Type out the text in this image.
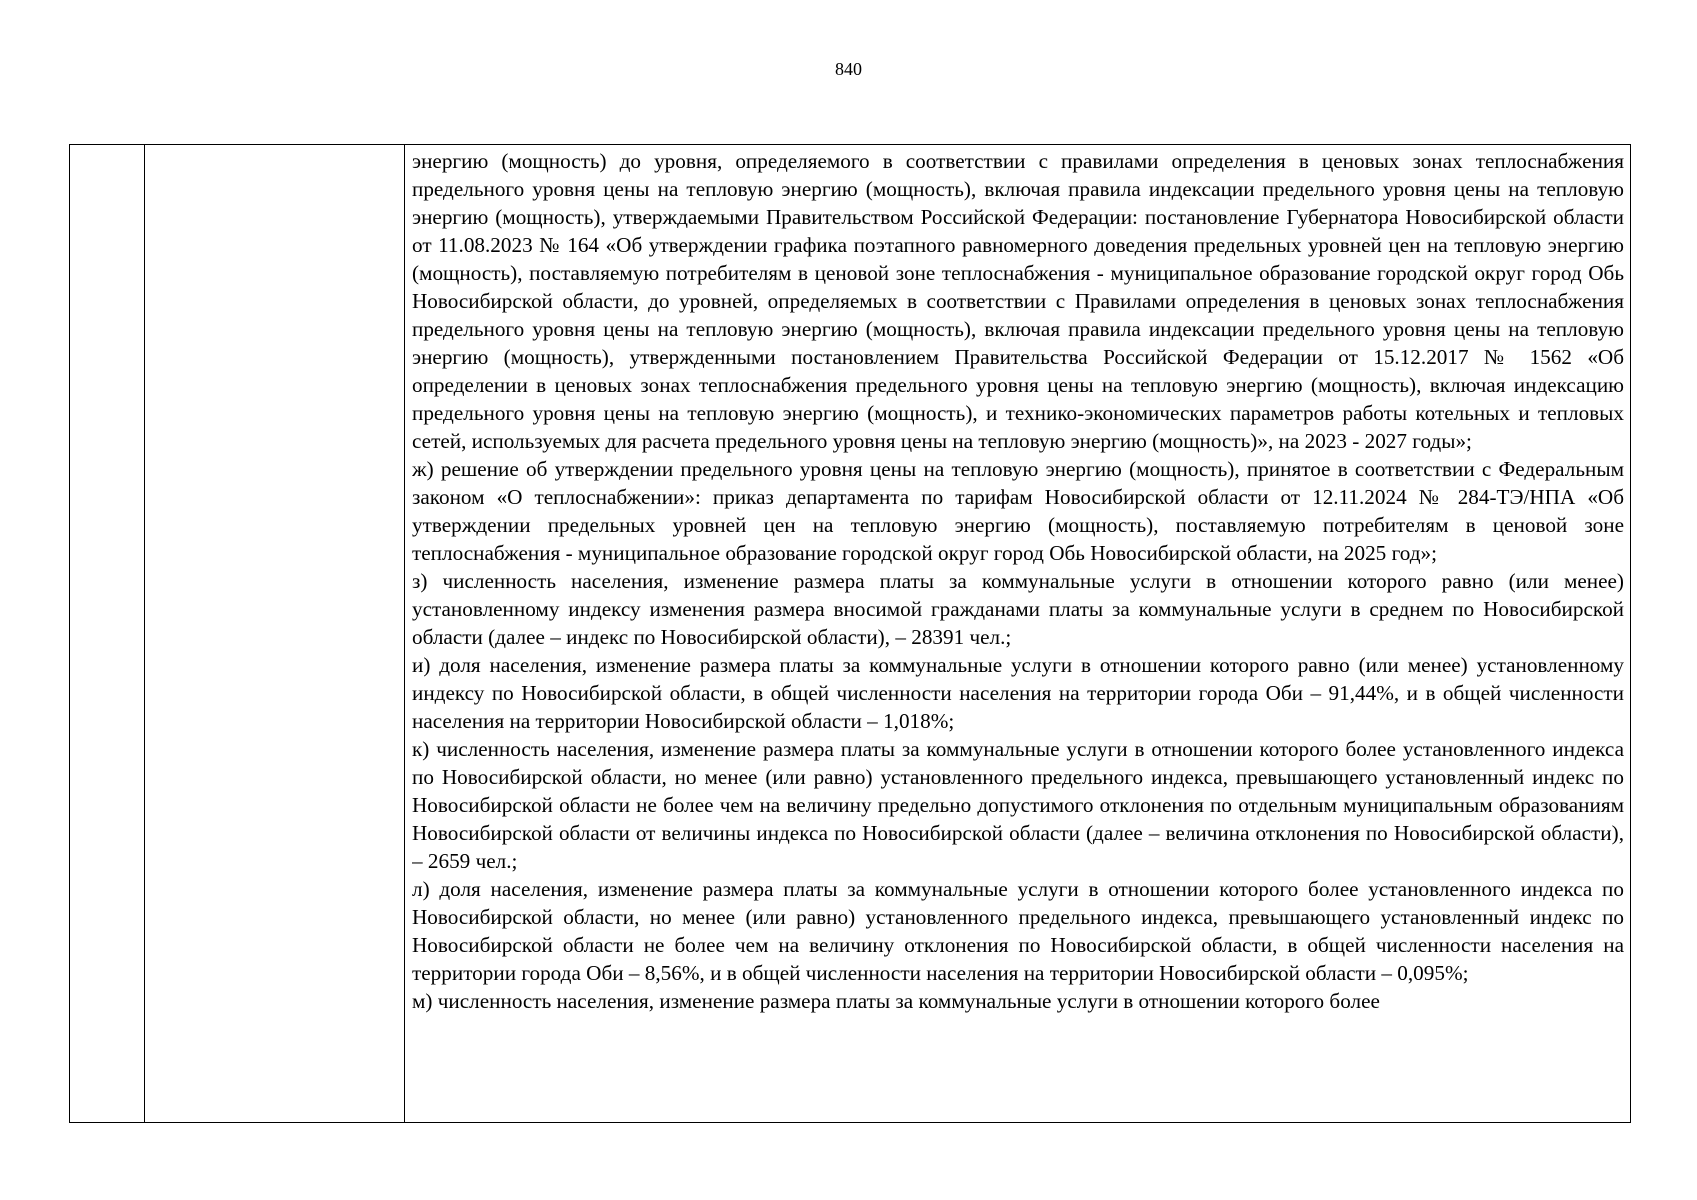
840

энергию (мощность) до уровня, определяемого в соответствии с правилами определения в ценовых зонах теплоснабжения предельного уровня цены на тепловую энергию (мощность), включая правила индексации предельного уровня цены на тепловую энергию (мощность), утверждаемыми Правительством Российской Федерации: постановление Губернатора Новосибирской области от 11.08.2023 № 164 «Об утверждении графика поэтапного равномерного доведения предельных уровней цен на тепловую энергию (мощность), поставляемую потребителям в ценовой зоне теплоснабжения - муниципальное образование городской округ город Обь Новосибирской области, до уровней, определяемых в соответствии с Правилами определения в ценовых зонах теплоснабжения предельного уровня цены на тепловую энергию (мощность), включая правила индексации предельного уровня цены на тепловую энергию (мощность), утвержденными постановлением Правительства Российской Федерации от 15.12.2017 № 1562 «Об определении в ценовых зонах теплоснабжения предельного уровня цены на тепловую энергию (мощность), включая индексацию предельного уровня цены на тепловую энергию (мощность), и технико-экономических параметров работы котельных и тепловых сетей, используемых для расчета предельного уровня цены на тепловую энергию (мощность)», на 2023 - 2027 годы»;

ж) решение об утверждении предельного уровня цены на тепловую энергию (мощность), принятое в соответствии с Федеральным законом «О теплоснабжении»: приказ департамента по тарифам Новосибирской области от 12.11.2024 № 284-ТЭ/НПА «Об утверждении предельных уровней цен на тепловую энергию (мощность), поставляемую потребителям в ценовой зоне теплоснабжения - муниципальное образование городской округ город Обь Новосибирской области, на 2025 год»;

з) численность населения, изменение размера платы за коммунальные услуги в отношении которого равно (или менее) установленному индексу изменения размера вносимой гражданами платы за коммунальные услуги в среднем по Новосибирской области (далее – индекс по Новосибирской области), – 28391 чел.;

и) доля населения, изменение размера платы за коммунальные услуги в отношении которого равно (или менее) установленному индексу по Новосибирской области, в общей численности населения на территории города Оби – 91,44%, и в общей численности населения на территории Новосибирской области – 1,018%;

к) численность населения, изменение размера платы за коммунальные услуги в отношении которого более установленного индекса по Новосибирской области, но менее (или равно) установленного предельного индекса, превышающего установленный индекс по Новосибирской области не более чем на величину предельно допустимого отклонения по отдельным муниципальным образованиям Новосибирской области от величины индекса по Новосибирской области (далее – величина отклонения по Новосибирской области), – 2659 чел.;

л) доля населения, изменение размера платы за коммунальные услуги в отношении которого более установленного индекса по Новосибирской области, но менее (или равно) установленного предельного индекса, превышающего установленный индекс по Новосибирской области не более чем на величину отклонения по Новосибирской области, в общей численности населения на территории города Оби – 8,56%, и в общей численности населения на территории Новосибирской области – 0,095%;

м) численность населения, изменение размера платы за коммунальные услуги в отношении которого более
